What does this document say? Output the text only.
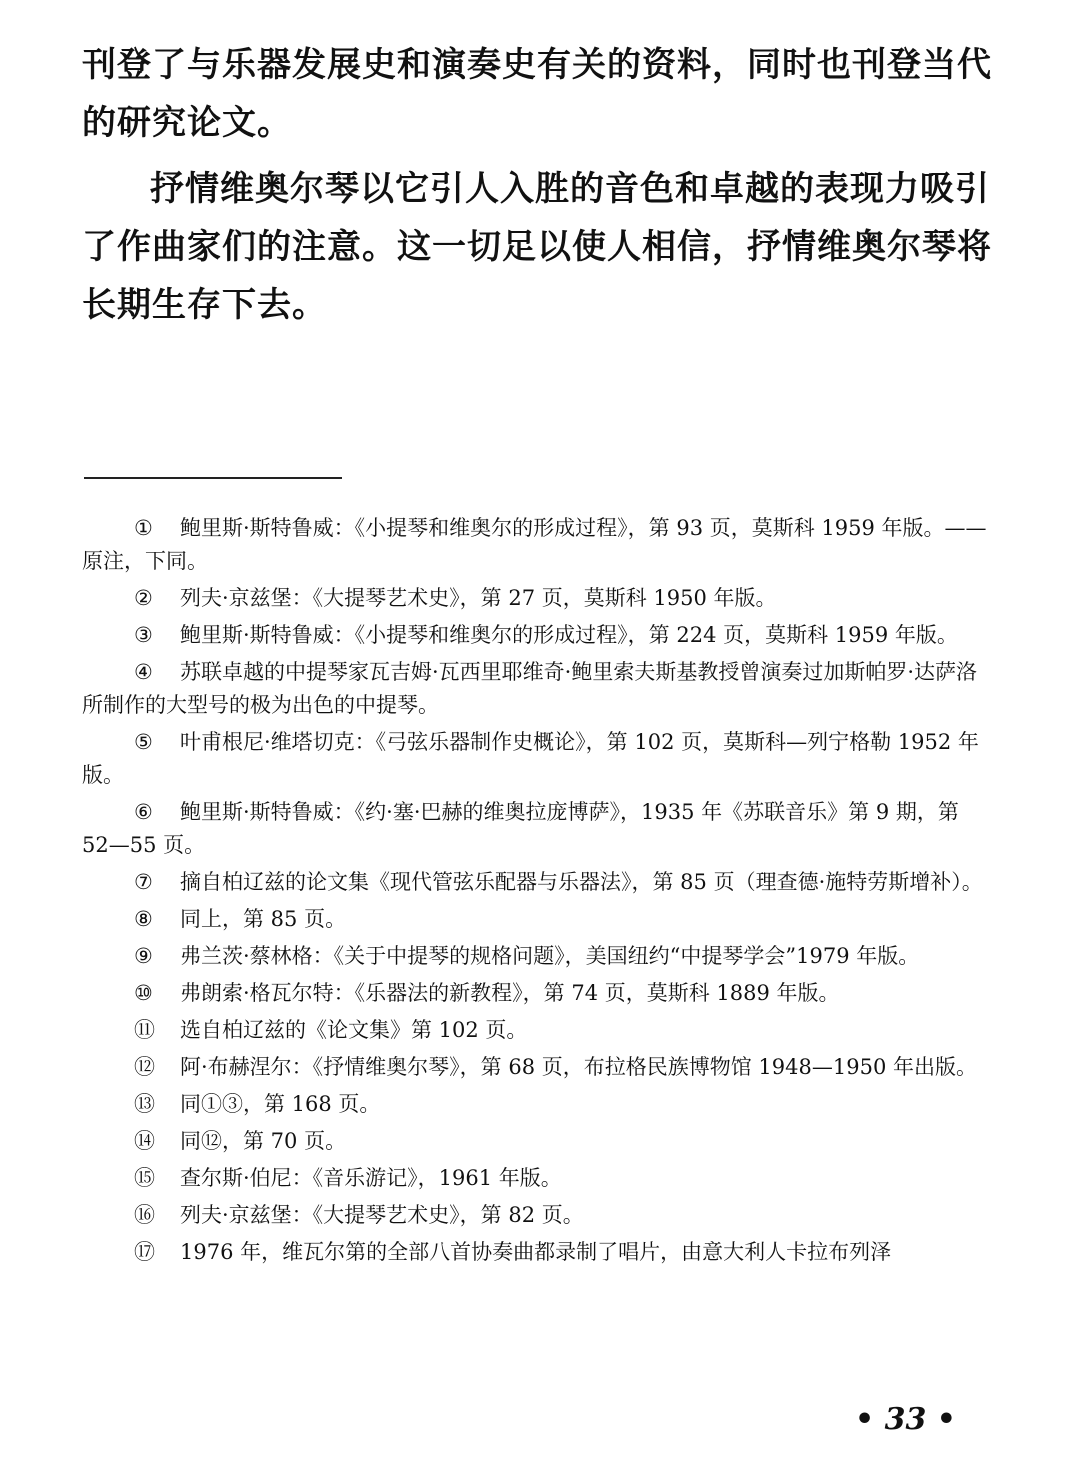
刊登了与乐器发展史和演奏史有关的资料，同时也刊登当代的研究论文。

抒情维奥尔琴以它引人入胜的音色和卓越的表现力吸引了作曲家们的注意。这一切足以使人相信，抒情维奥尔琴将长期生存下去。

① 鲍里斯·斯特鲁威：《小提琴和维奥尔的形成过程》，第 93 页，莫斯科 1959 年版。——原注，下同。

② 列夫·京兹堡：《大提琴艺术史》，第 27 页，莫斯科 1950 年版。

③ 鲍里斯·斯特鲁威：《小提琴和维奥尔的形成过程》，第 224 页，莫斯科 1959 年版。

④ 苏联卓越的中提琴家瓦吉姆·瓦西里耶维奇·鲍里索夫斯基教授曾演奏过加斯帕罗·达萨洛所制作的大型号的极为出色的中提琴。

⑤ 叶甫根尼·维塔切克：《弓弦乐器制作史概论》，第 102 页，莫斯科—列宁格勒 1952 年版。

⑥ 鲍里斯·斯特鲁威：《约·塞·巴赫的维奥拉庞博萨》，1935 年《苏联音乐》第 9 期，第 52—55 页。

⑦ 摘自柏辽兹的论文集《现代管弦乐配器与乐器法》，第 85 页（理查德·施特劳斯增补）。

⑧ 同上，第 85 页。

⑨ 弗兰茨·蔡林格：《关于中提琴的规格问题》，美国纽约“中提琴学会”1979 年版。

⑩ 弗朗索·格瓦尔特：《乐器法的新教程》，第 74 页，莫斯科 1889 年版。

⑪ 选自柏辽兹的《论文集》第 102 页。

⑫ 阿·布赫涅尔：《抒情维奥尔琴》，第 68 页，布拉格民族博物馆 1948—1950 年出版。

⑬ 同①③，第 168 页。

⑭ 同⑫，第 70 页。

⑮ 查尔斯·伯尼：《音乐游记》，1961 年版。

⑯ 列夫·京兹堡：《大提琴艺术史》，第 82 页。

⑰ 1976 年，维瓦尔第的全部八首协奏曲都录制了唱片，由意大利人卡拉布列泽

• 33 •
